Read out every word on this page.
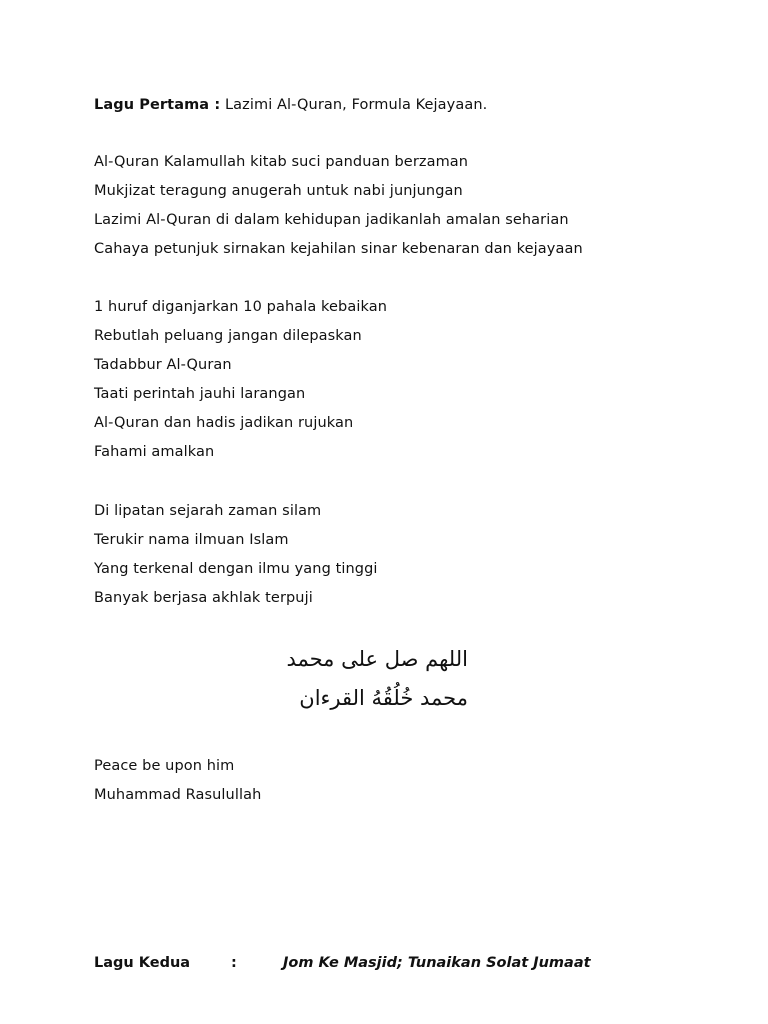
Lagu Pertama : Lazimi Al-Quran, Formula Kejayaan.
Al-Quran Kalamullah kitab suci panduan berzaman
Mukjizat teragung anugerah untuk nabi junjungan
Lazimi Al-Quran di dalam kehidupan jadikanlah amalan seharian
Cahaya petunjuk sirnakan kejahilan sinar kebenaran dan kejayaan
1 huruf diganjarkan 10 pahala kebaikan
Rebutlah peluang jangan dilepaskan
Tadabbur Al-Quran
Taati perintah jauhi larangan
Al-Quran dan hadis jadikan rujukan
Fahami amalkan
Di lipatan sejarah zaman silam
Terukir nama ilmuan Islam
Yang terkenal dengan ilmu yang tinggi
Banyak berjasa akhlak terpuji
اللهم صل على محمد
محمد خُلُقُهُ القرءان
Peace be upon him
Muhammad Rasulullah
Lagu Kedua	:	Jom Ke Masjid; Tunaikan Solat Jumaat
